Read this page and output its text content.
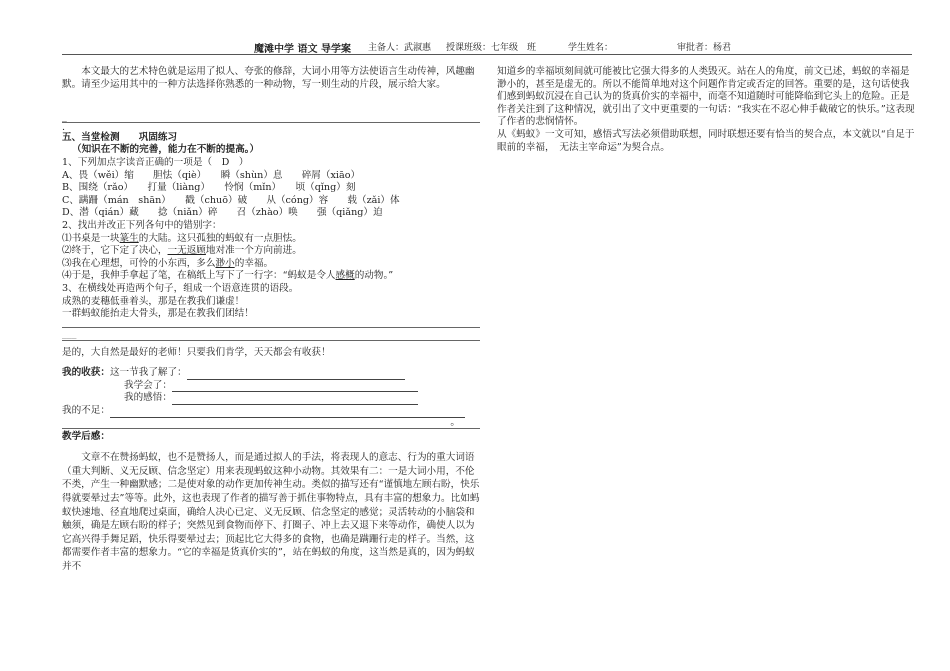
魔滩中学 语文 导学案 主备人：武淑惠 授课班级：七年级　班	学生姓名：	审批者：杨君

本文最大的艺术特色就是运用了拟人、夸张的修辞，大词小用等方法使语言生动传神，风趣幽默。请至少运用其中的一种方法选择你熟悉的一种动物，写一则生动的片段，展示给大家。

_

.

五、当堂检测　　巩固练习

（知识在不断的完善，能力在不断的提高。）

1、下列加点字读音正确的一项是（　D　）

A、畏（wěi）缩　　胆怯（qiè）　　瞬（shùn）息　　碎屑（xiāo）

B、围绕（rǎo）　　打量（liàng）　　怜悯（mǐn）　　顷（qǐng）刻

C、蹒跚（mán　shān）　　戳（chuō）破　　从（cóng）容　　载（zǎi）体

D、潜（qián）藏　　捻（niǎn）碎　　召（zhào）唤　　强（qiǎng）迫

2、找出并改正下列各句中的错别字：

⑴书桌是一块篆生的大陆。这只孤独的蚂蚁有一点胆怯。

⑵终于，它下定了决心，一无返顾地对准一个方向前进。

⑶我在心理想，可怜的小东西，多么渺小的幸福。

⑷于是，我伸手拿起了笔，在稿纸上写下了一行字：“蚂蚁是令人感概的动物。”

3、在横线处再造两个句子，组成一个语意连贯的语段。

成熟的麦穗低垂着头，那是在教我们谦虚！

一群蚂蚁能抬走大骨头，那是在教我们团结！

___

是的，大自然是最好的老师！只要我们肯学，天天都会有收获！

我的收获：这一节我了解了：

我学会了：

我的感悟：

我的不足：

。

教学后感：

文章不在赞扬蚂蚁，也不是赞扬人，而是通过拟人的手法，将表现人的意志、行为的重大词语（重大判断、义无反顾、信念坚定）用来表现蚂蚁这种小动物。其效果有二：一是大词小用，不伦不类，产生一种幽默感；二是使对象的动作更加传神生动。类似的描写还有“谨慎地左顾右盼，快乐得就要晕过去”等等。此外，这也表现了作者的描写善于抓住事物特点，具有丰富的想象力。比如蚂蚁快速地、径直地爬过桌面，确给人决心已定、义无反顾、信念坚定的感觉；灵活转动的小脑袋和触须，确是左顾右盼的样子；突然见到食物而停下、打圈子、冲上去又退下来等动作，确使人以为它高兴得手舞足蹈，快乐得要晕过去；顶起比它大得多的食物，也确是蹒跚行走的样子。当然，这都需要作者丰富的想象力。“它的幸福是货真价实的”，站在蚂蚁的角度，这当然是真的，因为蚂蚁并不

知道乡的幸福顷刻间就可能被比它强大得多的人类毁灭。站在人的角度，前文已述，蚂蚁的幸福是渺小的，甚至是虚无的。所以不能简单地对这个问题作肯定或否定的回答。重要的是，这句话使我们感到蚂蚁沉浸在自己认为的货真价实的幸福中，而毫不知道随时可能降临到它头上的危险。正是作者关注到了这种情况，就引出了文中更重要的一句话：“我实在不忍心伸手截破它的快乐。”这表现了作者的悲悯情怀。

从《蚂蚁》一文可知，感悟式写法必须借助联想，同时联想还要有恰当的契合点，本文就以“自足于眼前的幸福，　无法主宰命运”为契合点。
